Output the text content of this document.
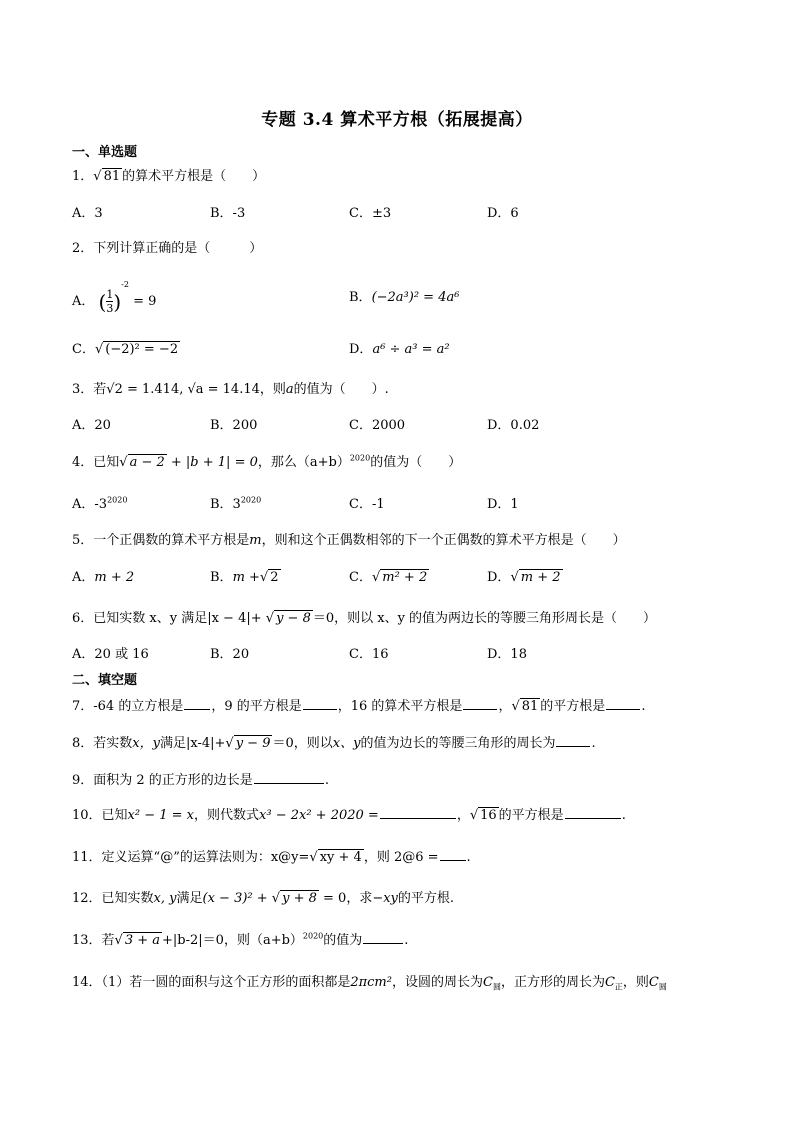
专题 3.4 算术平方根（拓展提高）
一、单选题
1．√ 81 的算术平方根是（　　）
A．3	B．-3	C．±3	D．6
2．下列计算正确的是（　　　）
A． ( $\frac{1}{3} )^{-2} = 9$	B．(−2a³)² = 4a⁶
C．√ (−2)² = −2	D．a⁶ ÷ a³ = a²
3．若√2 = 1.414, √a = 14.14，则a的值为（　　）.
A．20	B．200	C．2000	D．0.02
4．已知√ a − 2 + |b + 1| = 0，那么$(a+b)^{2020}$的值为（　　）
A．$-3^{2020}$	B．$3^{2020}$	C．-1	D．1
5．一个正偶数的算术平方根是m，则和这个正偶数相邻的下一个正偶数的算术平方根是（　　）
A．m + 2	B．m +√ 2	C．√ m² + 2	D．√ m + 2
6．已知实数 x、y 满足|x − 4|+ √ y − 8 ＝0，则以 x、y 的值为两边长的等腰三角形周长是（　　）
A．20 或 16	B．20	C．16	D．18
二、填空题
7．-64 的立方根是 ，9 的平方根是	，16 的算术平方根是	，√ 81 的平方根是	.
8．若实数x，y满足|x-4|+√ y − 9 ＝0，则以x、y的值为边长的等腰三角形的周长为	.
9．面积为 2 的正方形的边长是	.
10．已知x² − 1 = x，则代数式x³ − 2x² + 2020 =	，√ 16 的平方根是	.
11．定义运算“@”的运算法则为：x@y=√ xy + 4 ，则 2@6 = .
12．已知实数x, y满足(x − 3)² + √ y + 8 = 0，求−xy的平方根.
13．若√ 3 + a +|b-2|＝0，则$(a+b)^{2020}$的值为	.
14．（1）若一圆的面积与这个正方形的面积都是2πcm²，设圆的周长为$C_圆$，正方形的周长为$C_正$，则$C_圆$
